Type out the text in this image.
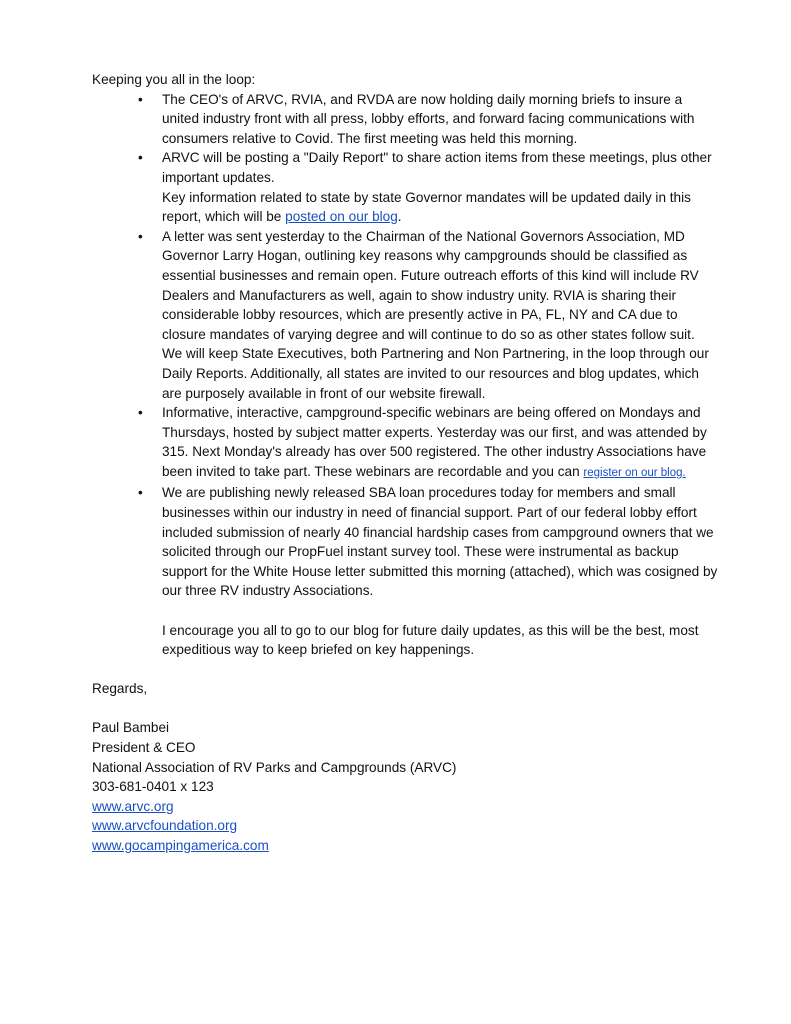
Keeping you all in the loop:

• The CEO's of ARVC, RVIA, and RVDA are now holding daily morning briefs to insure a united industry front with all press, lobby efforts, and forward facing communications with consumers relative to Covid. The first meeting was held this morning.

• ARVC will be posting a "Daily Report" to share action items from these meetings, plus other important updates.

Key information related to state by state Governor mandates will be updated daily in this report, which will be posted on our blog.

• A letter was sent yesterday to the Chairman of the National Governors Association, MD Governor Larry Hogan, outlining key reasons why campgrounds should be classified as essential businesses and remain open. Future outreach efforts of this kind will include RV Dealers and Manufacturers as well, again to show industry unity. RVIA is sharing their considerable lobby resources, which are presently active in PA, FL, NY and CA due to closure mandates of varying degree and will continue to do so as other states follow suit. We will keep State Executives, both Partnering and Non Partnering, in the loop through our Daily Reports. Additionally, all states are invited to our resources and blog updates, which are purposely available in front of our website firewall.

• Informative, interactive, campground-specific webinars are being offered on Mondays and Thursdays, hosted by subject matter experts. Yesterday was our first, and was attended by 315. Next Monday's already has over 500 registered. The other industry Associations have been invited to take part. These webinars are recordable and you can register on our blog.

• We are publishing newly released SBA loan procedures today for members and small businesses within our industry in need of financial support. Part of our federal lobby effort included submission of nearly 40 financial hardship cases from campground owners that we solicited through our PropFuel instant survey tool. These were instrumental as backup support for the White House letter submitted this morning (attached), which was cosigned by our three RV industry Associations.

I encourage you all to go to our blog for future daily updates, as this will be the best, most expeditious way to keep briefed on key happenings.

Regards,

Paul Bambei
President & CEO
National Association of RV Parks and Campgrounds (ARVC)
303-681-0401 x 123
www.arvc.org
www.arvcfoundation.org
www.gocampingamerica.com
